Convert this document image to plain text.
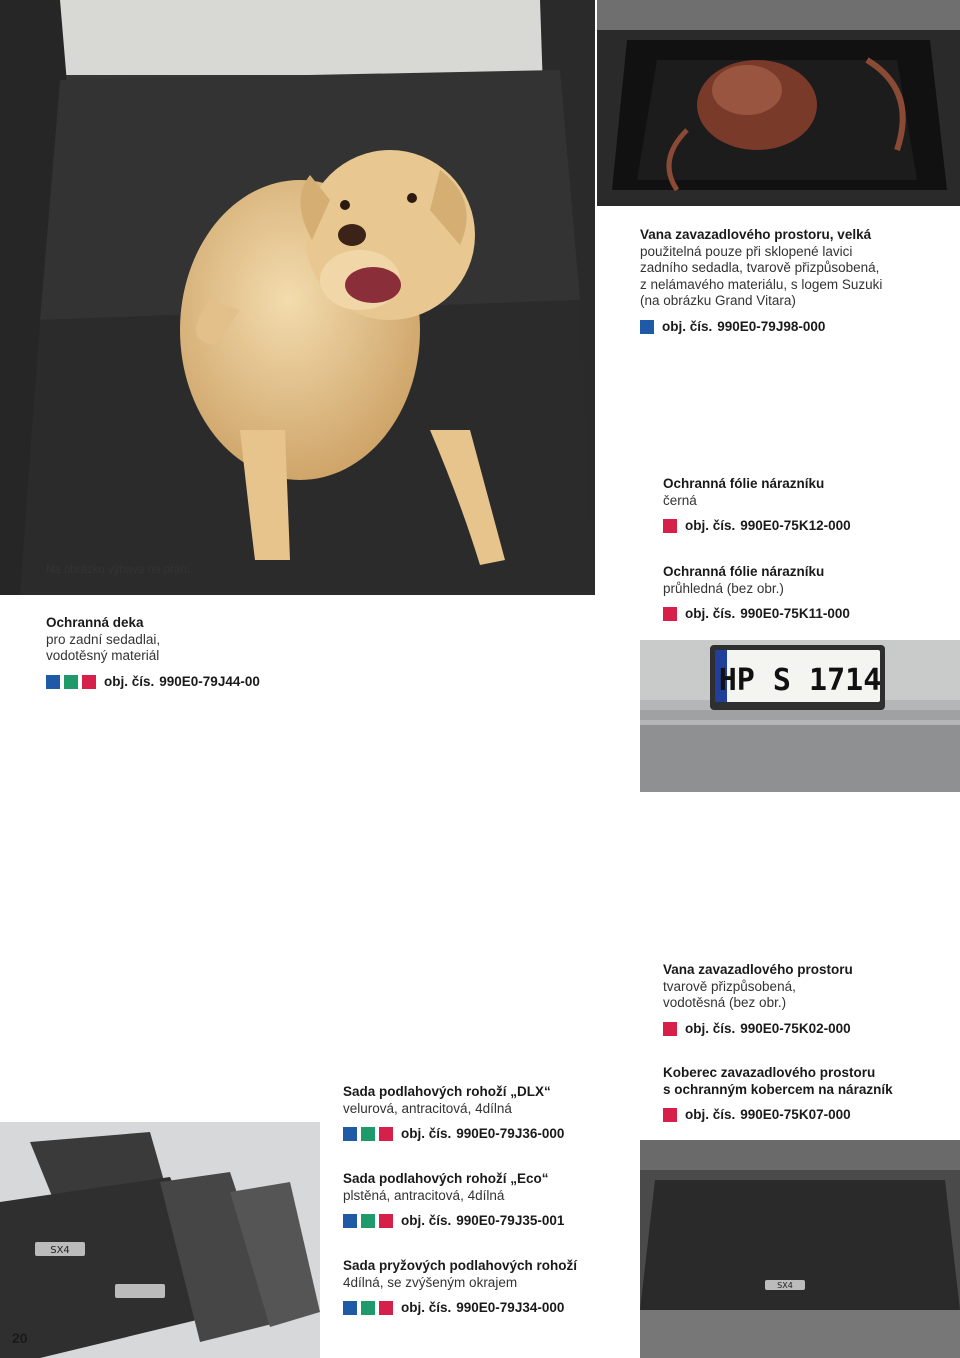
HP S 1714
SX4
SX4
Vana zavazadlového prostoru, velká
použitelná pouze při sklopené lavici
zadního sedadla, tvarově přizpůsobená,
z nelámavého materiálu, s logem Suzuki
(na obrázku Grand Vitara)
obj. čís. 990E0-79J98-000
Ochranná fólie nárazníku
černá
obj. čís. 990E0-75K12-000
Ochranná fólie nárazníku
průhledná (bez obr.)
obj. čís. 990E0-75K11-000
Na obrázku výbava na přání.
Ochranná deka
pro zadní sedadlai,
vodotěsný materiál
obj. čís. 990E0-79J44-00
Vana zavazadlového prostoru
tvarově přizpůsobená,
vodotěsná (bez obr.)
obj. čís. 990E0-75K02-000
Koberec zavazadlového prostoru
s ochranným kobercem na nárazník
obj. čís. 990E0-75K07-000
Sada podlahových rohoží „DLX“
velurová, antracitová, 4dílná
obj. čís. 990E0-79J36-000
Sada podlahových rohoží „Eco“
plstěná, antracitová, 4dílná
obj. čís. 990E0-79J35-001
Sada pryžových podlahových rohoží
4dílná, se zvýšeným okrajem
obj. čís. 990E0-79J34-000
20
